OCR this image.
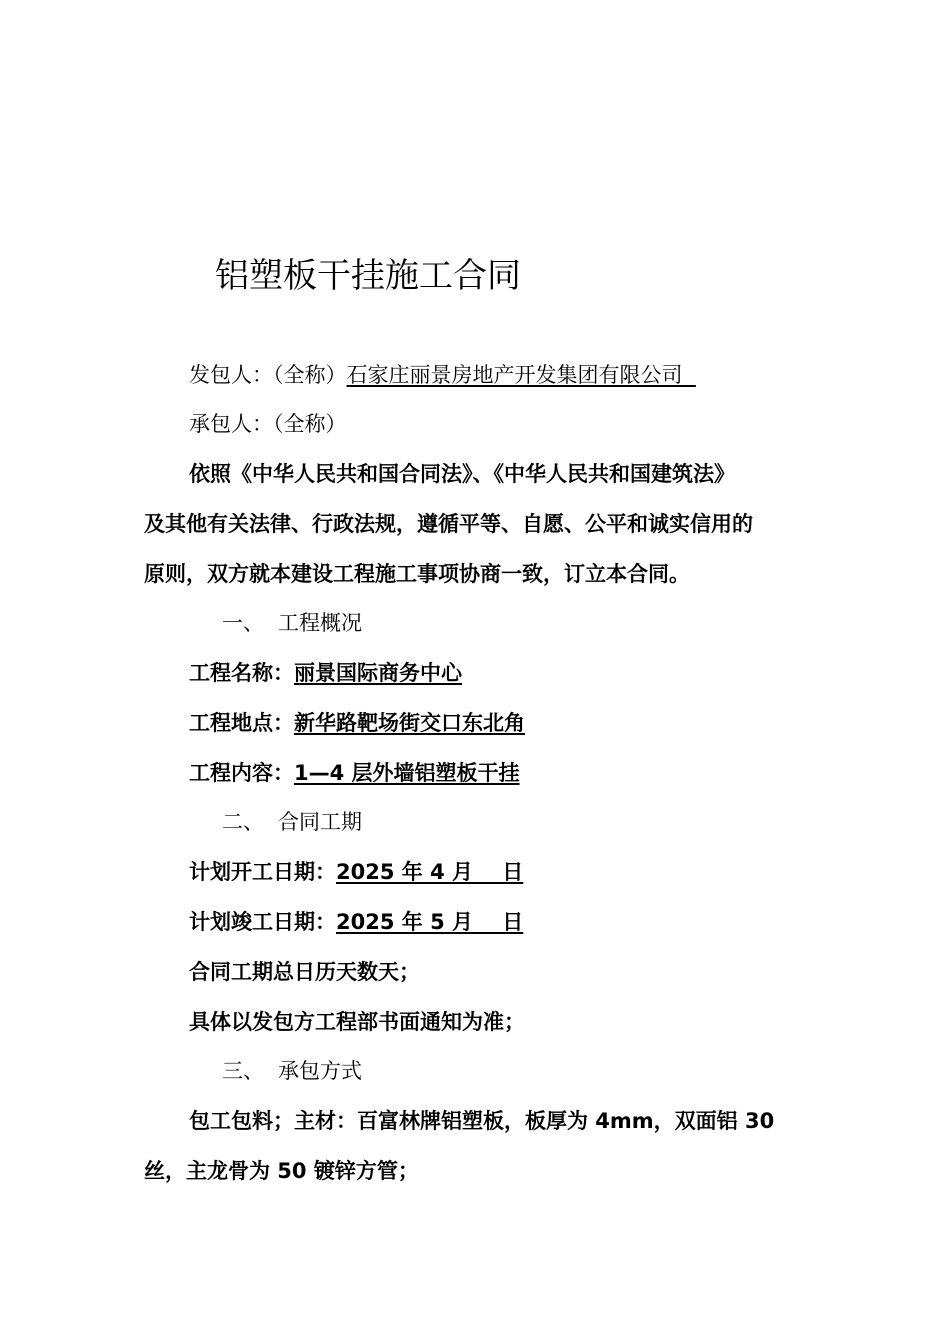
铝塑板干挂施工合同
发包人：（全称）石家庄丽景房地产开发集团有限公司
承包人：（全称）
依照《中华人民共和国合同法》、《中华人民共和国建筑法》
及其他有关法律、行政法规，遵循平等、自愿、公平和诚实信用的
原则，双方就本建设工程施工事项协商一致，订立本合同。
一、 工程概况
工程名称：丽景国际商务中心
工程地点：新华路靶场街交口东北角
工程内容：1—4 层外墙铝塑板干挂
二、 合同工期
计划开工日期：2025 年 4 月    日
计划竣工日期：2025 年 5 月    日
合同工期总日历天数天；
具体以发包方工程部书面通知为准；
三、 承包方式
包工包料；主材：百富林牌铝塑板，板厚为 4mm，双面铝 30
丝，主龙骨为 50 镀锌方管；
